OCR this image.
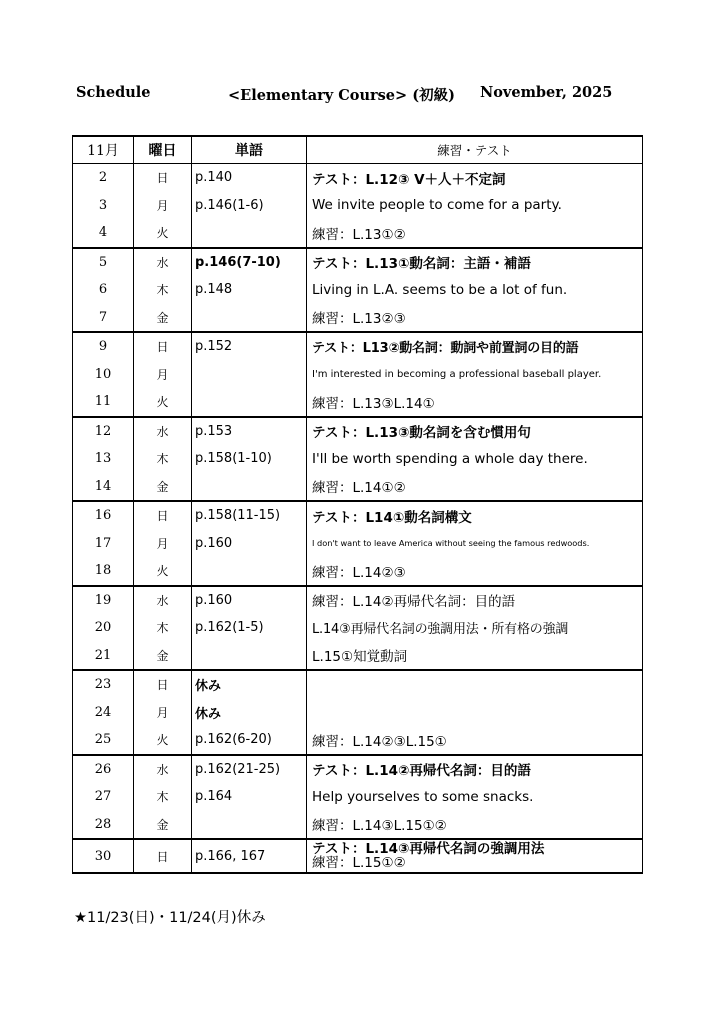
Schedule	<Elementary Course> (初級) November, 2025
11月	曜日	単語	練習・テスト
2	日	p.140	テスト：L.12③ V＋人＋不定詞
3	月	p.146(1-6)	We invite people to come for a party.
4	火		練習：L.13①②
5	水	p.146(7-10)	テスト：L.13①動名詞：主語・補語
6	木	p.148	Living in L.A. seems to be a lot of fun.
7	金		練習：L.13②③
9	日	p.152	テスト：L13②動名詞：動詞や前置詞の目的語
10	月		I'm interested in becoming a professional baseball player.
11	火		練習：L.13③L.14①
12	水	p.153	テスト：L.13③動名詞を含む慣用句
13	木	p.158(1-10)	I'll be worth spending a whole day there.
14	金		練習：L.14①②
16	日	p.158(11-15)	テスト：L14①動名詞構文
17	月	p.160	I don't want to leave America without seeing the famous redwoods.
18	火		練習：L.14②③
19	水	p.160	練習：L.14②再帰代名詞：目的語
20	木	p.162(1-5)	L.14③再帰代名詞の強調用法・所有格の強調
21	金		L.15①知覚動詞
23	日	休み	
24	月	休み	
25	火	p.162(6-20)	練習：L.14②③L.15①
26	水	p.162(21-25)	テスト：L.14②再帰代名詞：目的語
27	木	p.164	Help yourselves to some snacks.
28	金		練習：L.14③L.15①②
30	日	p.166, 167	テスト：L.14③再帰代名詞の強調用法
練習：L.15①②
★11/23(日)・11/24(月)休み
